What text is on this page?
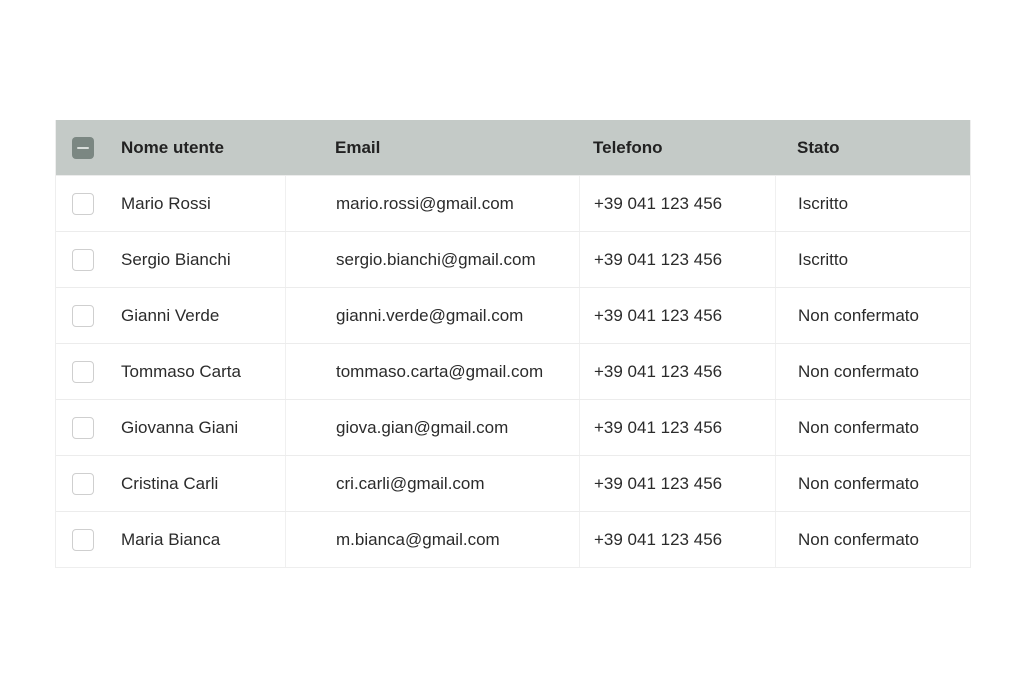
Nome utente	Email	Telefono	Stato
Mario Rossi	mario.rossi@gmail.com	+39 041 123 456	Iscritto
Sergio Bianchi	sergio.bianchi@gmail.com	+39 041 123 456	Iscritto
Gianni Verde	gianni.verde@gmail.com	+39 041 123 456	Non confermato
Tommaso Carta	tommaso.carta@gmail.com	+39 041 123 456	Non confermato
Giovanna Giani	giova.gian@gmail.com	+39 041 123 456	Non confermato
Cristina Carli	cri.carli@gmail.com	+39 041 123 456	Non confermato
Maria Bianca	m.bianca@gmail.com	+39 041 123 456	Non confermato
